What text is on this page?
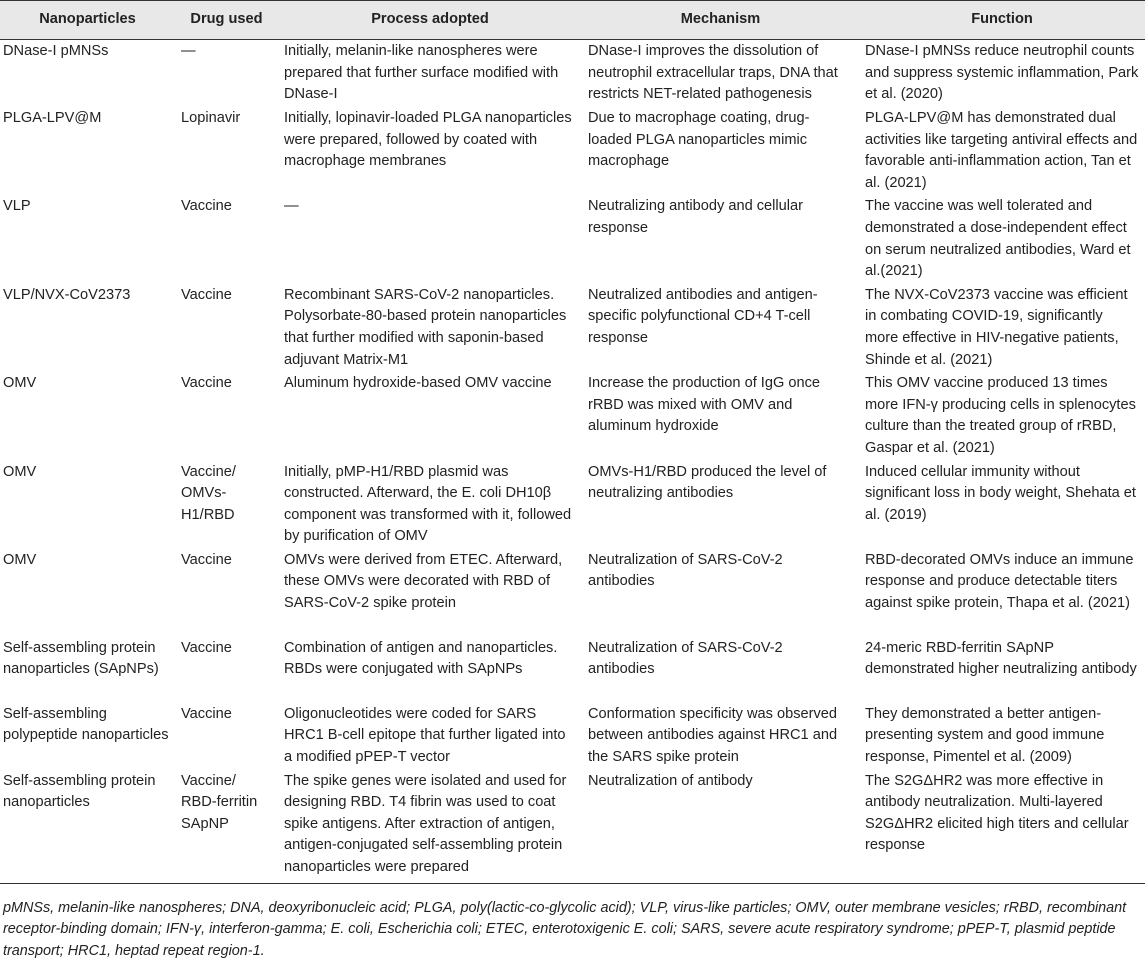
Nanoparticles	Drug used	Process adopted	Mechanism	Function
DNase-I pMNSs	—	Initially, melanin-like nanospheres were prepared that further surface modified with DNase-I	DNase-I improves the dissolution of neutrophil extracellular traps, DNA that restricts NET-related pathogenesis	DNase-I pMNSs reduce neutrophil counts and suppress systemic inflammation, Park et al. (2020)
PLGA-LPV@M	Lopinavir	Initially, lopinavir-loaded PLGA nanoparticles were prepared, followed by coated with macrophage membranes	Due to macrophage coating, drug-loaded PLGA nanoparticles mimic macrophage	PLGA-LPV@M has demonstrated dual activities like targeting antiviral effects and favorable anti-inflammation action, Tan et al. (2021)
VLP	Vaccine	—	Neutralizing antibody and cellular response	The vaccine was well tolerated and demonstrated a dose-independent effect on serum neutralized antibodies, Ward et al.(2021)
VLP/NVX-CoV2373	Vaccine	Recombinant SARS-CoV-2 nanoparticles. Polysorbate-80-based protein nanoparticles that further modified with saponin-based adjuvant Matrix-M1	Neutralized antibodies and antigen-specific polyfunctional CD+4 T-cell response	The NVX-CoV2373 vaccine was efficient in combating COVID-19, significantly more effective in HIV-negative patients, Shinde et al. (2021)
OMV	Vaccine	Aluminum hydroxide-based OMV vaccine	Increase the production of IgG once rRBD was mixed with OMV and aluminum hydroxide	This OMV vaccine produced 13 times more IFN-γ producing cells in splenocytes culture than the treated group of rRBD, Gaspar et al. (2021)
OMV	Vaccine/ OMVs-H1/RBD	Initially, pMP-H1/RBD plasmid was constructed. Afterward, the E. coli DH10β component was transformed with it, followed by purification of OMV	OMVs-H1/RBD produced the level of neutralizing antibodies	Induced cellular immunity without significant loss in body weight, Shehata et al. (2019)
OMV	Vaccine	OMVs were derived from ETEC. Afterward, these OMVs were decorated with RBD of SARS-CoV-2 spike protein	Neutralization of SARS-CoV-2 antibodies	RBD-decorated OMVs induce an immune response and produce detectable titers against spike protein, Thapa et al. (2021)
Self-assembling protein nanoparticles (SApNPs)	Vaccine	Combination of antigen and nanoparticles. RBDs were conjugated with SApNPs	Neutralization of SARS-CoV-2 antibodies	24-meric RBD-ferritin SApNP demonstrated higher neutralizing antibody
Self-assembling polypeptide nanoparticles	Vaccine	Oligonucleotides were coded for SARS HRC1 B-cell epitope that further ligated into a modified pPEP-T vector	Conformation specificity was observed between antibodies against HRC1 and the SARS spike protein	They demonstrated a better antigen-presenting system and good immune response, Pimentel et al. (2009)
Self-assembling protein nanoparticles	Vaccine/ RBD-ferritin SApNP	The spike genes were isolated and used for designing RBD. T4 fibrin was used to coat spike antigens. After extraction of antigen, antigen-conjugated self-assembling protein nanoparticles were prepared	Neutralization of antibody	The S2GΔHR2 was more effective in antibody neutralization. Multi-layered S2GΔHR2 elicited high titers and cellular response
pMNSs, melanin-like nanospheres; DNA, deoxyribonucleic acid; PLGA, poly(lactic-co-glycolic acid); VLP, virus-like particles; OMV, outer membrane vesicles; rRBD, recombinant receptor-binding domain; IFN-γ, interferon-gamma; E. coli, Escherichia coli; ETEC, enterotoxigenic E. coli; SARS, severe acute respiratory syndrome; pPEP-T, plasmid peptide transport; HRC1, heptad repeat region-1.
